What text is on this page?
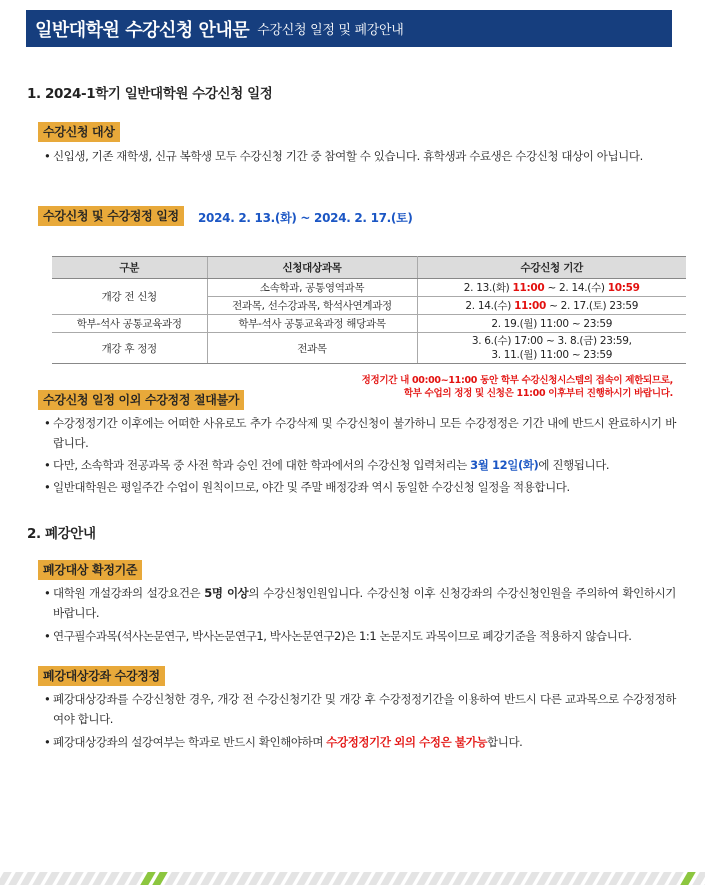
일반대학원 수강신청 안내문 수강신청 일정 및 폐강안내
1. 2024-1학기 일반대학원 수강신청 일정
수강신청 대상
• 신입생, 기존 재학생, 신규 복학생 모두 수강신청 기간 중 참여할 수 있습니다. 휴학생과 수료생은 수강신청 대상이 아닙니다.
수강신청 및 수강정정 일정	2024. 2. 13.(화) ~ 2024. 2. 17.(토)
구분	신청대상과목	수강신청 기간
개강 전 신청	소속학과, 공통영역과목	2. 13.(화) 11:00 ~ 2. 14.(수) 10:59
	전과목, 선수강과목, 학석사연계과정	2. 14.(수) 11:00 ~ 2. 17.(토) 23:59
학부-석사 공통교육과정	학부-석사 공통교육과정 해당과목	2. 19.(월) 11:00 ~ 23:59
개강 후 정정	전과목	3. 6.(수) 17:00 ~ 3. 8.(금) 23:59,
3. 11.(월) 11:00 ~ 23:59
정정기간 내 00:00~11:00 동안 학부 수강신청시스템의 접속이 제한되므로,
학부 수업의 정정 및 신청은 11:00 이후부터 진행하시기 바랍니다.
수강신청 일정 이외 수강정정 절대불가
• 수강정정기간 이후에는 어떠한 사유로도 추가 수강삭제 및 수강신청이 불가하니 모든 수강정정은 기간 내에 반드시 완료하시기 바랍니다.
• 다만, 소속학과 전공과목 중 사전 학과 승인 건에 대한 학과에서의 수강신청 입력처리는 3월 12일(화)에 진행됩니다.
• 일반대학원은 평일주간 수업이 원칙이므로, 야간 및 주말 배정강좌 역시 동일한 수강신청 일정을 적용합니다.
2. 폐강안내
폐강대상 확정기준
• 대학원 개설강좌의 설강요건은 5명 이상의 수강신청인원입니다. 수강신청 이후 신청강좌의 수강신청인원을 주의하여 확인하시기 바랍니다.
• 연구필수과목(석사논문연구, 박사논문연구1, 박사논문연구2)은 1:1 논문지도 과목이므로 폐강기준을 적용하지 않습니다.
폐강대상강좌 수강정정
• 폐강대상강좌를 수강신청한 경우, 개강 전 수강신청기간 및 개강 후 수강정정기간을 이용하여 반드시 다른 교과목으로 수강정정하여야 합니다.
• 폐강대상강좌의 설강여부는 학과로 반드시 확인해야하며 수강정정기간 외의 수정은 불가능합니다.
